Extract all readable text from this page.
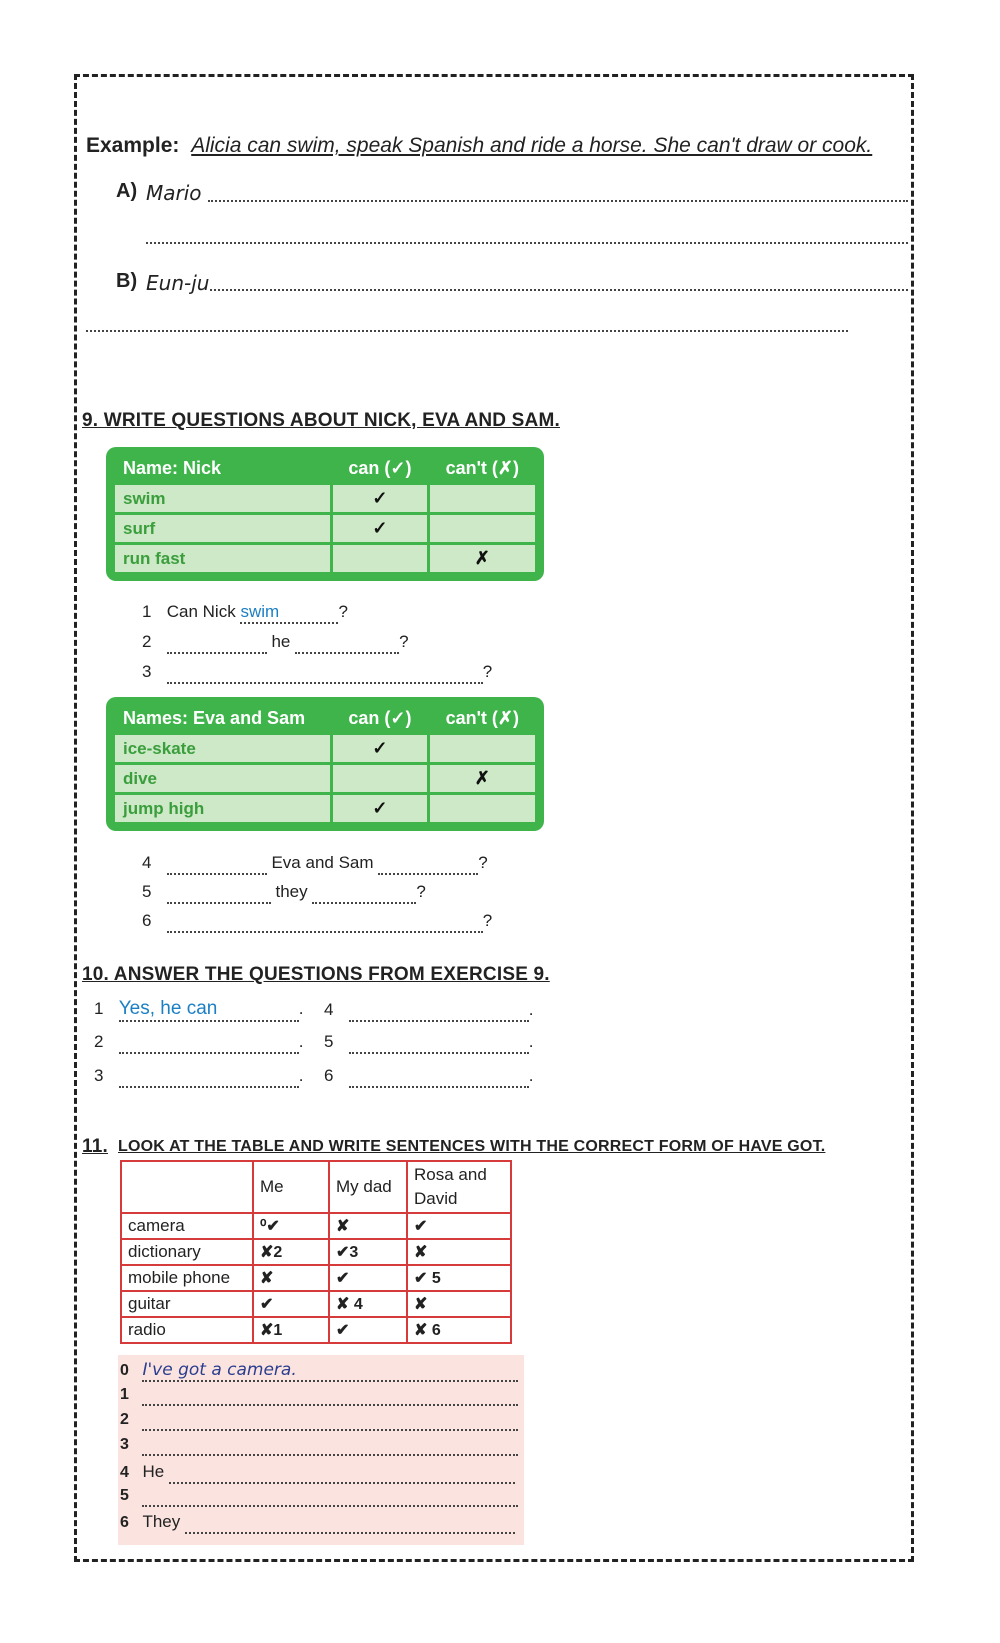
Example: Alicia can swim, speak Spanish and ride a horse. She can't draw or cook.
A) Mario
B) Eun-ju
9. WRITE QUESTIONS ABOUT NICK, EVA AND SAM.
Name: Nick	can (✓)	can't (✗)
swim	✓	
surf	✓	
run fast		✗
1 Can Nick swim	?
2	he	?
3	?
Names: Eva and Sam	can (✓)	can't (✗)
ice-skate	✓	
dive		✗
jump high	✓	
4	Eva and Sam	?
5	they	?
6	?
10. ANSWER THE QUESTIONS FROM EXERCISE 9.
1 Yes, he can	.
2	.
3	.
4	.
5	.
6	.
11. LOOK AT THE TABLE AND WRITE SENTENCES WITH THE CORRECT FORM OF HAVE GOT.
	Me	My dad	Rosa and David
camera	⁰✔	✘	✔
dictionary	✘2	✔3	✘
mobile phone	✘	✔	✔ 5
guitar	✔	✘ 4	✘
radio	✘1	✔	✘ 6
0 I've got a camera.
1
2
3
4 He
5
6 They
